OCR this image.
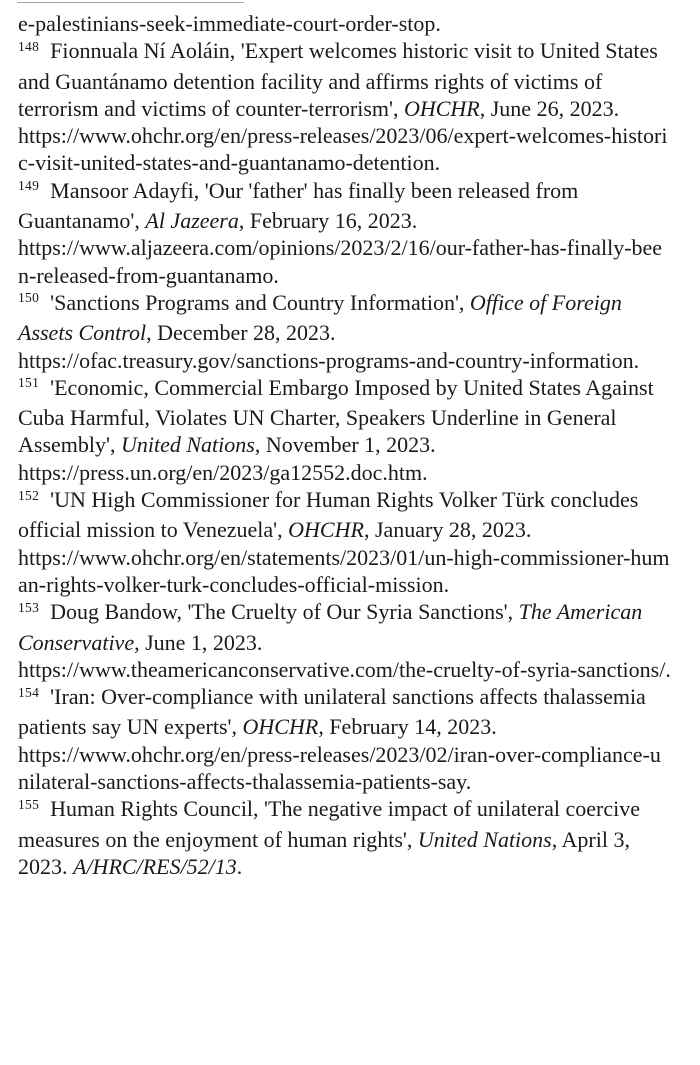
e-palestinians-seek-immediate-court-order-stop.
$^{148}$  Fionnuala Ní Aoláin, 'Expert welcomes historic visit to United States
and Guantánamo detention facility and affirms rights of victims of
terrorism and victims of counter-terrorism', OHCHR, June 26, 2023.
https://www.ohchr.org/en/press-releases/2023/06/expert-welcomes-histori
c-visit-united-states-and-guantanamo-detention.
$^{149}$  Mansoor Adayfi, 'Our 'father' has finally been released from
Guantanamo', Al Jazeera, February 16, 2023.
https://www.aljazeera.com/opinions/2023/2/16/our-father-has-finally-bee
n-released-from-guantanamo.
$^{150}$  'Sanctions Programs and Country Information', Office of Foreign
Assets Control, December 28, 2023.
https://ofac.treasury.gov/sanctions-programs-and-country-information.
$^{151}$  'Economic, Commercial Embargo Imposed by United States Against
Cuba Harmful, Violates UN Charter, Speakers Underline in General
Assembly', United Nations, November 1, 2023.
https://press.un.org/en/2023/ga12552.doc.htm.
$^{152}$  'UN High Commissioner for Human Rights Volker Türk concludes
official mission to Venezuela', OHCHR, January 28, 2023.
https://www.ohchr.org/en/statements/2023/01/un-high-commissioner-hum
an-rights-volker-turk-concludes-official-mission.
$^{153}$  Doug Bandow, 'The Cruelty of Our Syria Sanctions', The American
Conservative, June 1, 2023.
https://www.theamericanconservative.com/the-cruelty-of-syria-sanctions/.
$^{154}$  'Iran: Over-compliance with unilateral sanctions affects thalassemia
patients say UN experts', OHCHR, February 14, 2023.
https://www.ohchr.org/en/press-releases/2023/02/iran-over-compliance-u
nilateral-sanctions-affects-thalassemia-patients-say.
$^{155}$  Human Rights Council, 'The negative impact of unilateral coercive
measures on the enjoyment of human rights', United Nations, April 3,
2023. A/HRC/RES/52/13.
